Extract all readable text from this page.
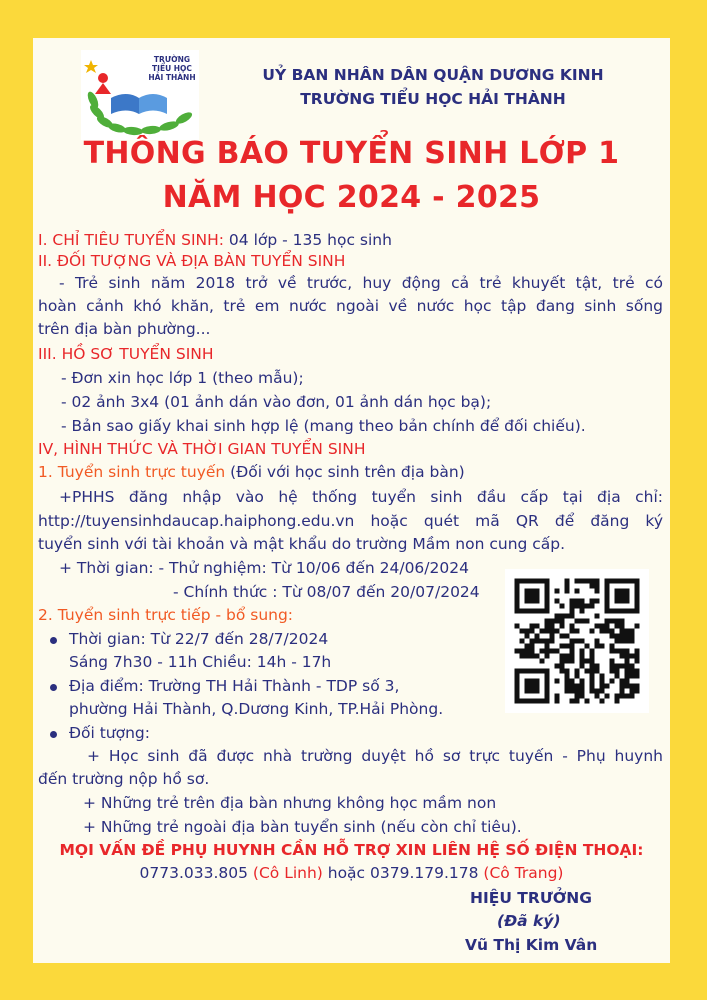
TRƯỜNG
TIỂU HỌC
HẢI THÀNH	UỶ BAN NHÂN DÂN QUẬN DƯƠNG KINH
TRƯỜNG TIỂU HỌC HẢI THÀNH
THÔNG BÁO TUYỂN SINH LỚP 1
NĂM HỌC 2024 - 2025
I. CHỈ TIÊU TUYỂN SINH: 04 lớp - 135 học sinh
II. ĐỐI TƯỢNG VÀ ĐỊA BÀN TUYỂN SINH
- Trẻ sinh năm 2018 trở về trước, huy động cả trẻ khuyết tật, trẻ có
hoàn cảnh khó khăn, trẻ em nước ngoài về nước học tập đang sinh sống
trên địa bàn phường...
III. HỒ SƠ TUYỂN SINH
- Đơn xin học lớp 1 (theo mẫu);
- 02 ảnh 3x4 (01 ảnh dán vào đơn, 01 ảnh dán học bạ);
- Bản sao giấy khai sinh hợp lệ (mang theo bản chính để đối chiếu).
IV, HÌNH THỨC VÀ THỜI GIAN TUYỂN SINH
1. Tuyển sinh trực tuyến (Đối với học sinh trên địa bàn)
+PHHS đăng nhập vào hệ thống tuyển sinh đầu cấp tại địa chỉ:
http://tuyensinhdaucap.haiphong.edu.vn hoặc quét mã QR để đăng ký
tuyển sinh với tài khoản và mật khẩu do trường Mầm non cung cấp.
+ Thời gian: - Thử nghiệm: Từ 10/06 đến 24/06/2024
- Chính thức : Từ 08/07 đến 20/07/2024
2. Tuyển sinh trực tiếp - bổ sung:
Thời gian: Từ 22/7 đến 28/7/2024
Sáng 7h30 - 11h Chiều: 14h - 17h
Địa điểm: Trường TH Hải Thành - TDP số 3,
phường Hải Thành, Q.Dương Kinh, TP.Hải Phòng.
Đối tượng:
+ Học sinh đã được nhà trường duyệt hồ sơ trực tuyến - Phụ huynh
đến trường nộp hồ sơ.
+ Những trẻ trên địa bàn nhưng không học mầm non
+ Những trẻ ngoài địa bàn tuyển sinh (nếu còn chỉ tiêu).
MỌI VẤN ĐỀ PHỤ HUYNH CẦN HỖ TRỢ XIN LIÊN HỆ SỐ ĐIỆN THOẠI:
0773.033.805 (Cô Linh) hoặc 0379.179.178 (Cô Trang)
HIỆU TRƯỞNG
(Đã ký)
Vũ Thị Kim Vân
